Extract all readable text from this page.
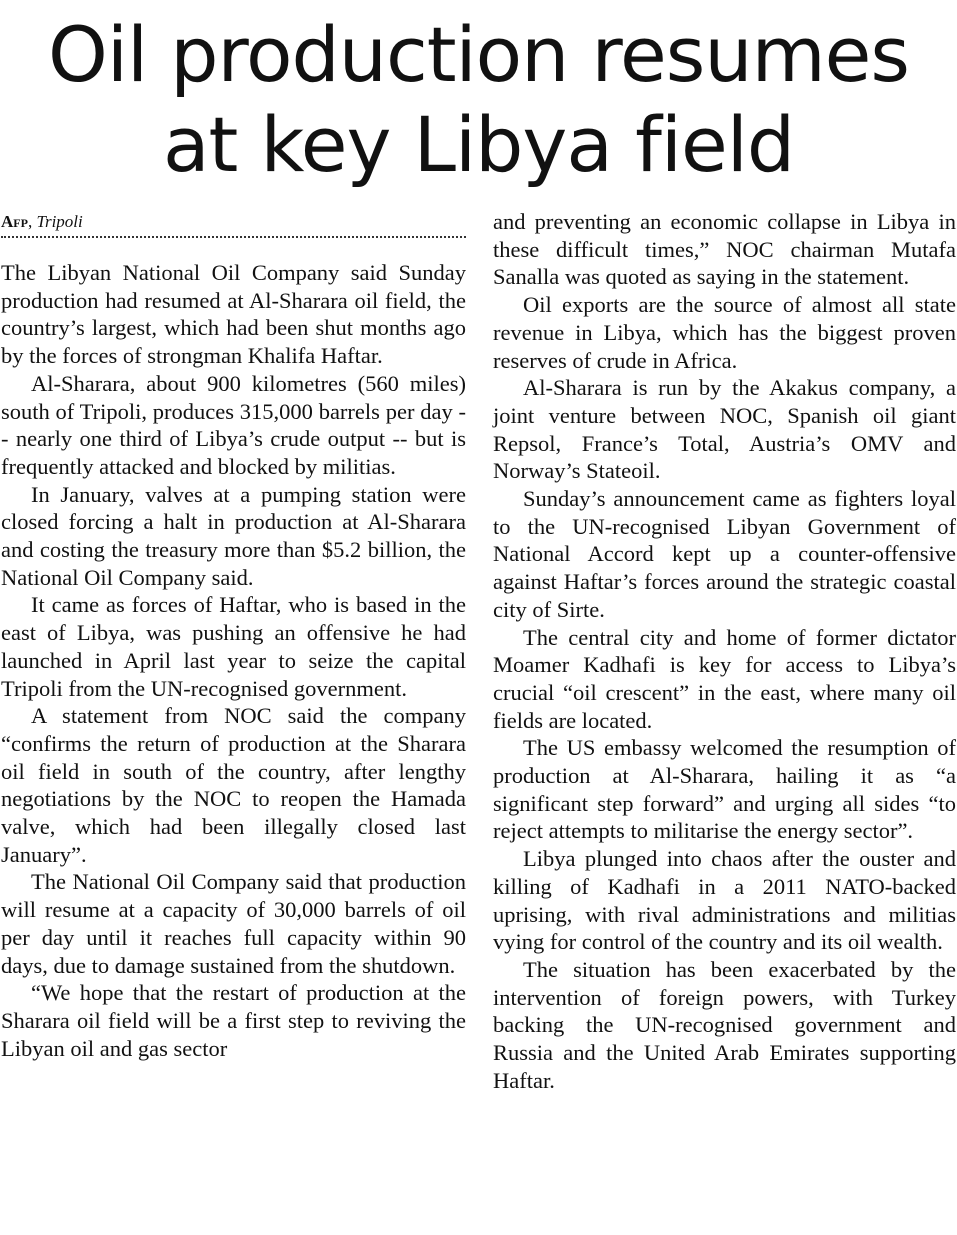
Oil production resumes
at key Libya field
Afp, Tripoli

The Libyan National Oil Company said Sunday production had resumed at Al-Sharara oil field, the country’s largest, which had been shut months ago by the forces of strongman Khalifa Haftar.

Al-Sharara, about 900 kilometres (560 miles) south of Tripoli, produces 315,000 barrels per day -- nearly one third of Libya’s crude output -- but is frequently attacked and blocked by militias.

In January, valves at a pumping station were closed forcing a halt in production at Al-Sharara and costing the treasury more than $5.2 billion, the National Oil Company said.

It came as forces of Haftar, who is based in the east of Libya, was pushing an offensive he had launched in April last year to seize the capital Tripoli from the UN-recognised government.

A statement from NOC said the company “confirms the return of production at the Sharara oil field in south of the country, after lengthy negotiations by the NOC to reopen the Hamada valve, which had been illegally closed last January”.

The National Oil Company said that production will resume at a capacity of 30,000 barrels of oil per day until it reaches full capacity within 90 days, due to damage sustained from the shutdown.

“We hope that the restart of production at the Sharara oil field will be a first step to reviving the Libyan oil and gas sector

and preventing an economic collapse in Libya in these difficult times,” NOC chairman Mutafa Sanalla was quoted as saying in the statement.

Oil exports are the source of almost all state revenue in Libya, which has the biggest proven reserves of crude in Africa.

Al-Sharara is run by the Akakus company, a joint venture between NOC, Spanish oil giant Repsol, France’s Total, Austria’s OMV and Norway’s Stateoil.

Sunday’s announcement came as fighters loyal to the UN-recognised Libyan Government of National Accord kept up a counter-offensive against Haftar’s forces around the strategic coastal city of Sirte.

The central city and home of former dictator Moamer Kadhafi is key for access to Libya’s crucial “oil crescent” in the east, where many oil fields are located.

The US embassy welcomed the resumption of production at Al-Sharara, hailing it as “a significant step forward” and urging all sides “to reject attempts to militarise the energy sector”.

Libya plunged into chaos after the ouster and killing of Kadhafi in a 2011 NATO-backed uprising, with rival administrations and militias vying for control of the country and its oil wealth.

The situation has been exacerbated by the intervention of foreign powers, with Turkey backing the UN-recognised government and Russia and the United Arab Emirates supporting Haftar.
